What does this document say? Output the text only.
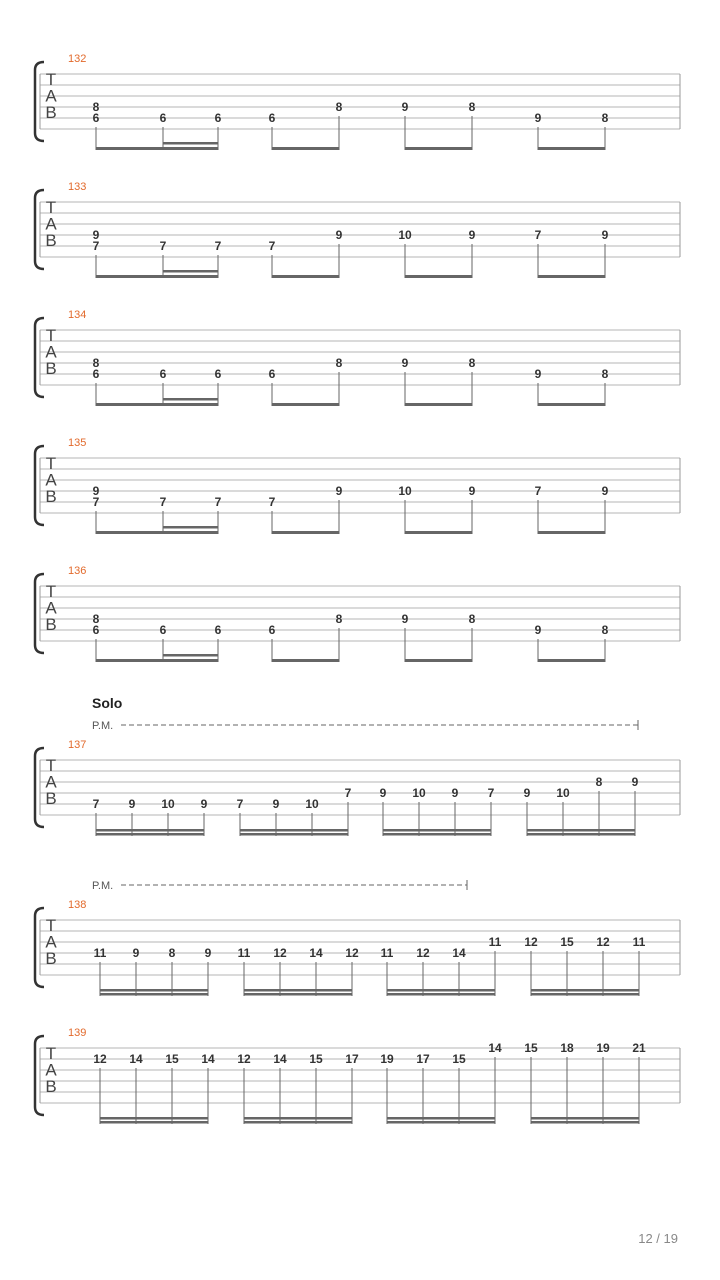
T
A
B
132
8
6	6	6	6
8	9	8
9	8
T
A
B
133
9
7	7	7	7
9	10	9	7	9
T
A
B
134
8
6	6	6	6
8	9	8
9	8
T
A
B
135
9
7	7	7	7
9	10	9	7	9
T
A
B
136
8
6	6	6	6
8	9	8
9	8
T
A
B
137
Solo
P.M.
7 9 10 9 7 9 10
7 9 10 9 7 9 10
8 9
T
A
B
138
P.M.
11 9 8 9 11 12 14 12 11 12 14
11 12 15 12 11
T
A
B
139
12 14 15 14 12 14 15 17 19 17 15
14 15 18 19 21
12 / 19
